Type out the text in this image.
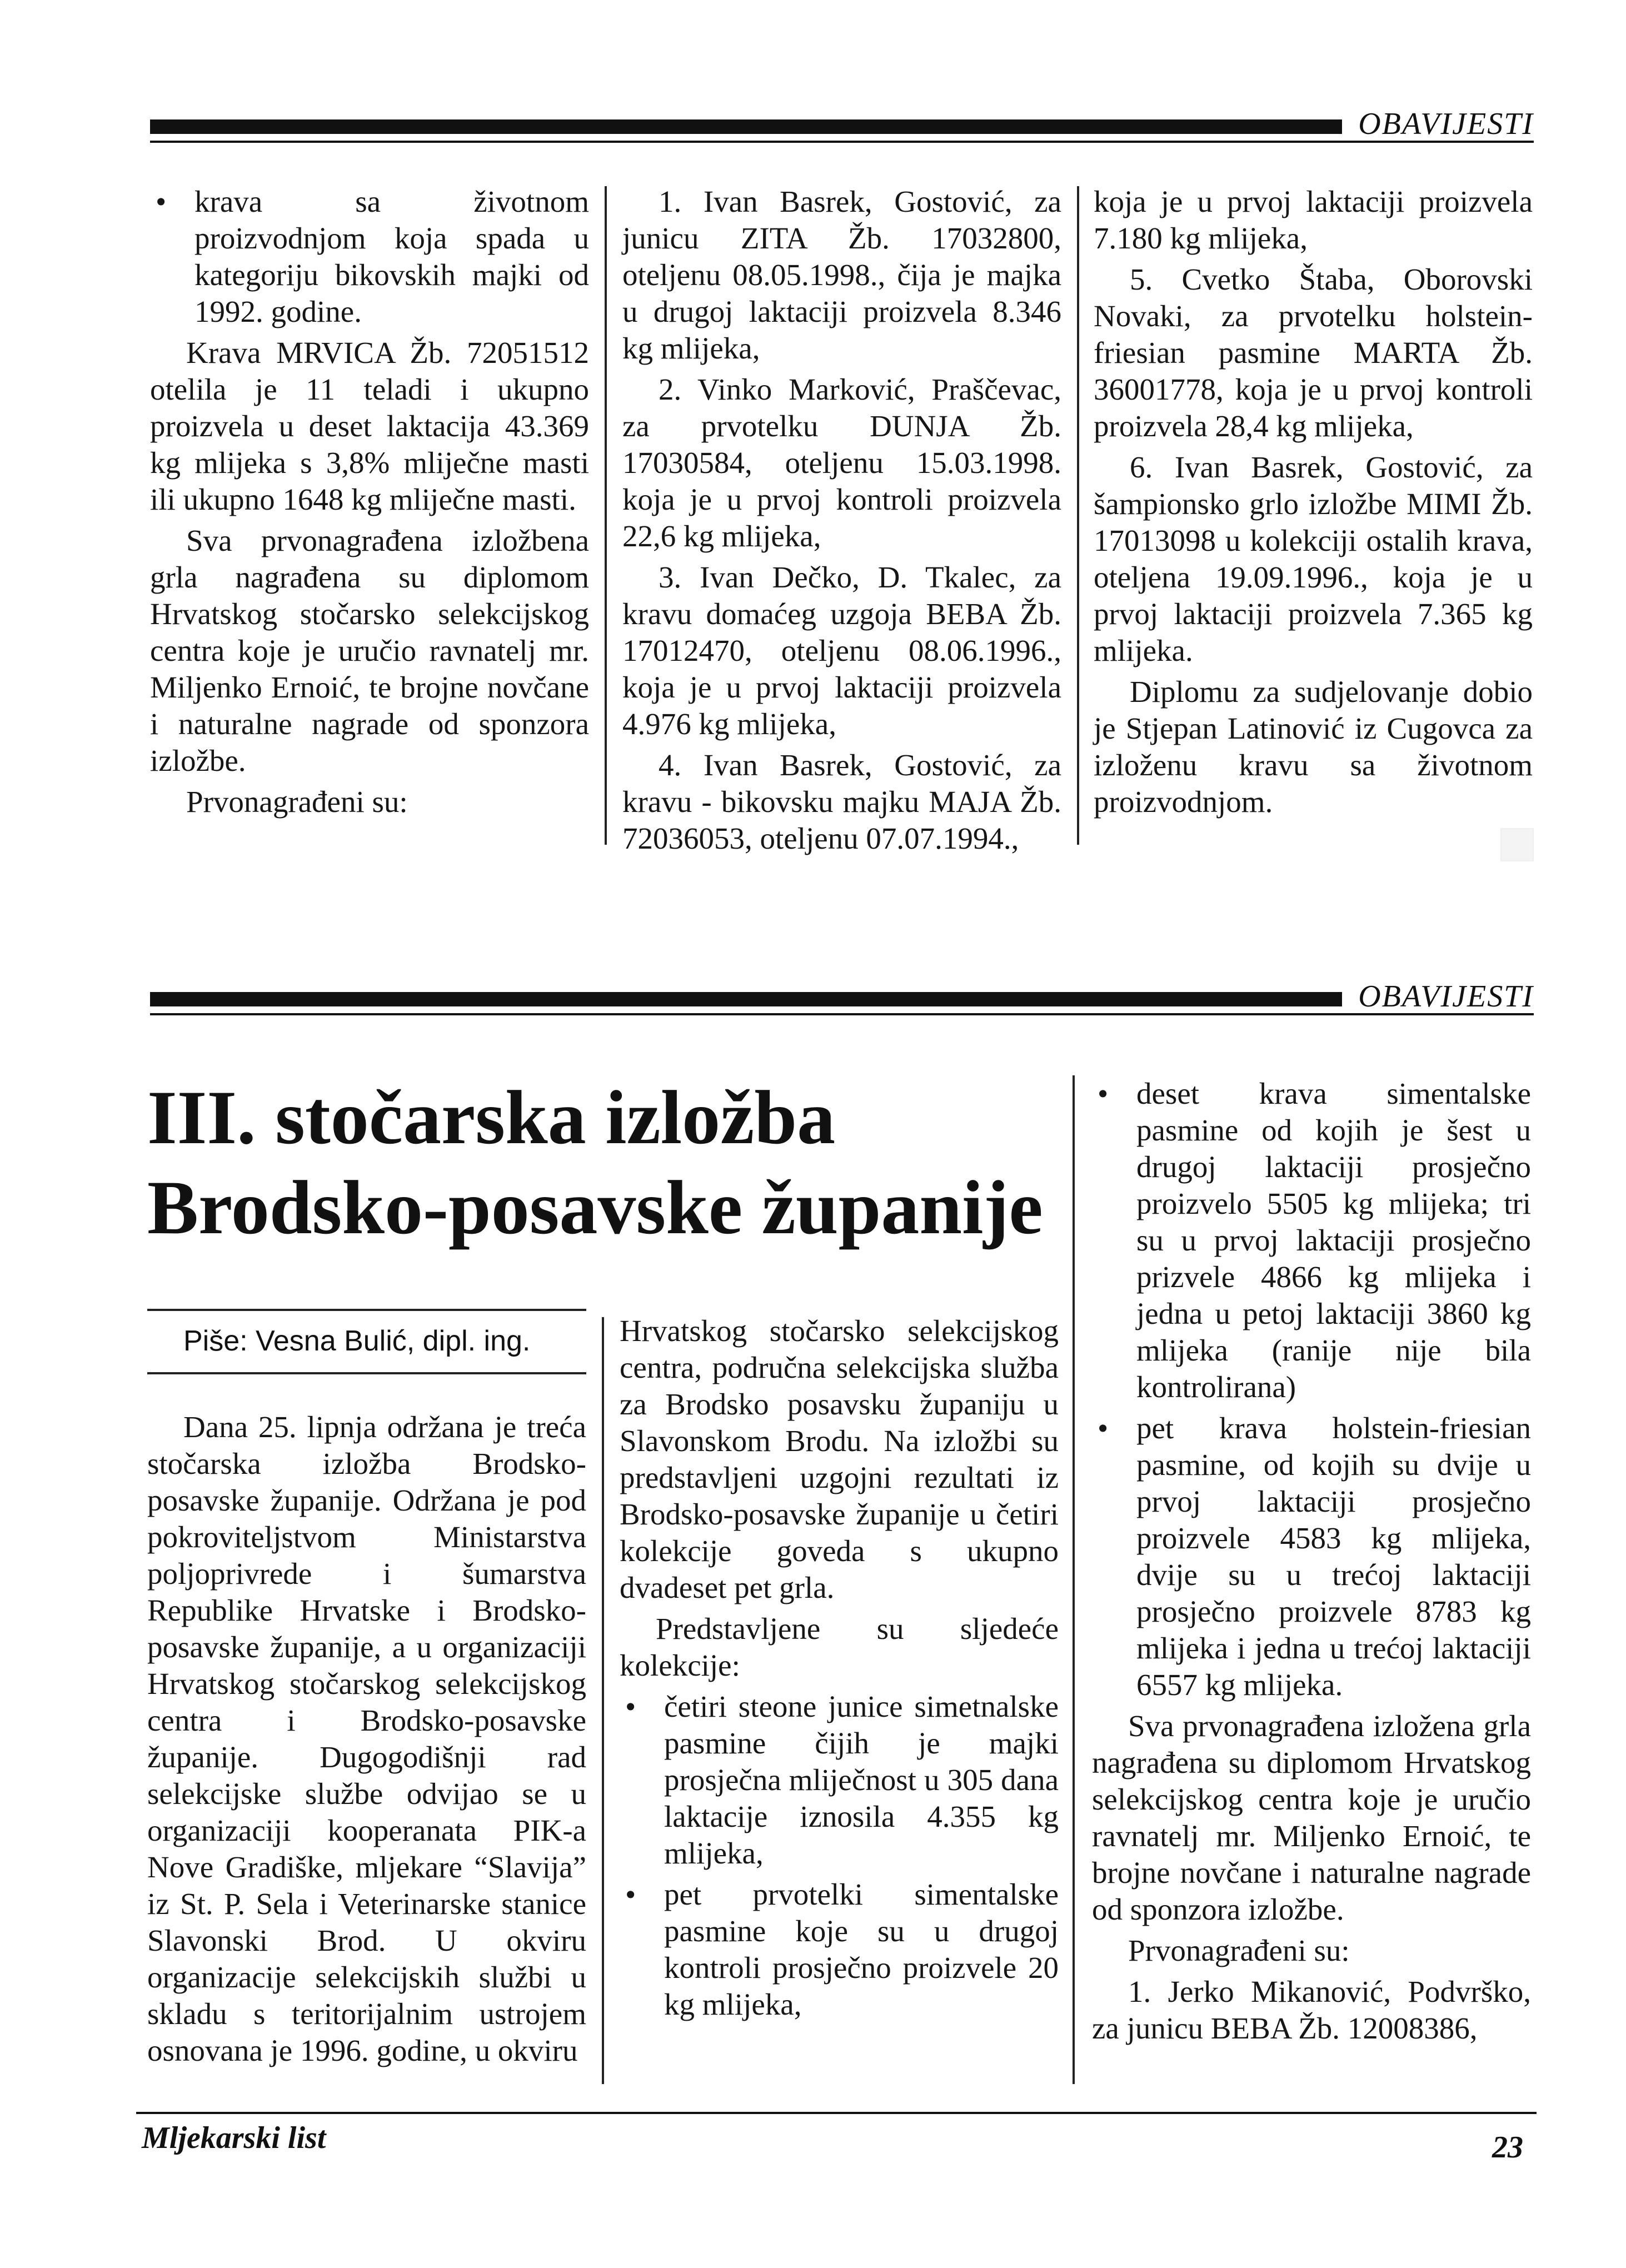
OBAVIJESTI
• krava sa životnom proizvodnjom koja spada u kategoriju bikovskih majki od 1992. godine.

Krava MRVICA Žb. 72051512 otelila je 11 teladi i ukupno proizvela u deset laktacija 43.369 kg mlijeka s 3,8% mliječne masti ili ukupno 1648 kg mliječne masti.

Sva prvonagrađena izložbena grla nagrađena su diplomom Hrvatskog stočarsko selekcijskog centra koje je uručio ravnatelj mr. Miljenko Ernoić, te brojne novčane i naturalne nagrade od sponzora izložbe.

Prvonagrađeni su:

1. Ivan Basrek, Gostović, za junicu ZITA Žb. 17032800, oteljenu 08.05.1998., čija je majka u drugoj laktaciji proizvela 8.346 kg mlijeka,

2. Vinko Marković, Praščevac, za prvotelku DUNJA Žb. 17030584, oteljenu 15.03.1998. koja je u prvoj kontroli proizvela 22,6 kg mlijeka,

3. Ivan Dečko, D. Tkalec, za kravu domaćeg uzgoja BEBA Žb. 17012470, oteljenu 08.06.1996., koja je u prvoj laktaciji proizvela 4.976 kg mlijeka,

4. Ivan Basrek, Gostović, za kravu - bikovsku majku MAJA Žb. 72036053, oteljenu 07.07.1994.,

koja je u prvoj laktaciji proizvela 7.180 kg mlijeka,

5. Cvetko Štaba, Oborovski Novaki, za prvotelku holstein-friesian pasmine MARTA Žb. 36001778, koja je u prvoj kontroli proizvela 28,4 kg mlijeka,

6. Ivan Basrek, Gostović, za šampionsko grlo izložbe MIMI Žb. 17013098 u kolekciji ostalih krava, oteljena 19.09.1996., koja je u prvoj laktaciji proizvela 7.365 kg mlijeka.

Diplomu za sudjelovanje dobio je Stjepan Latinović iz Cugovca za izloženu kravu sa životnom proizvodnjom.

OBAVIJESTI
III. stočarska izložba
Brodsko-posavske županije
Piše: Vesna Bulić, dipl. ing.

Dana 25. lipnja održana je treća stočarska izložba Brodsko-posavske županije. Održana je pod pokroviteljstvom Ministarstva poljoprivrede i šumarstva Republike Hrvatske i Brodsko-posavske županije, a u organizaciji Hrvatskog stočarskog selekcijskog centra i Brodsko-posavske županije. Dugogodišnji rad selekcijske službe odvijao se u organizaciji kooperanata PIK-a Nove Gradiške, mljekare “Slavija” iz St. P. Sela i Veterinarske stanice Slavonski Brod. U okviru organizacije selekcijskih službi u skladu s teritorijalnim ustrojem osnovana je 1996. godine, u okviru

Hrvatskog stočarsko selekcijskog centra, područna selekcijska služba za Brodsko posavsku županiju u Slavonskom Brodu. Na izložbi su predstavljeni uzgojni rezultati iz Brodsko-posavske županije u četiri kolekcije goveda s ukupno dvadeset pet grla.

Predstavljene su sljedeće kolekcije:

• četiri steone junice simetnalske pasmine čijih je majki prosječna mliječnost u 305 dana laktacije iznosila 4.355 kg mlijeka,
• pet prvotelki simentalske pasmine koje su u drugoj kontroli prosječno proizvele 20 kg mlijeka,
• deset krava simentalske pasmine od kojih je šest u drugoj laktaciji prosječno proizvelo 5505 kg mlijeka; tri su u prvoj laktaciji prosječno prizvele 4866 kg mlijeka i jedna u petoj laktaciji 3860 kg mlijeka (ranije nije bila kontrolirana)
• pet krava holstein-friesian pasmine, od kojih su dvije u prvoj laktaciji prosječno proizvele 4583 kg mlijeka, dvije su u trećoj laktaciji prosječno proizvele 8783 kg mlijeka i jedna u trećoj laktaciji 6557 kg mlijeka.

Sva prvonagrađena izložena grla nagrađena su diplomom Hrvatskog selekcijskog centra koje je uručio ravnatelj mr. Miljenko Ernoić, te brojne novčane i naturalne nagrade od sponzora izložbe.

Prvonagrađeni su:

1. Jerko Mikanović, Podvrško, za junicu BEBA Žb. 12008386,

Mljekarski list	23
